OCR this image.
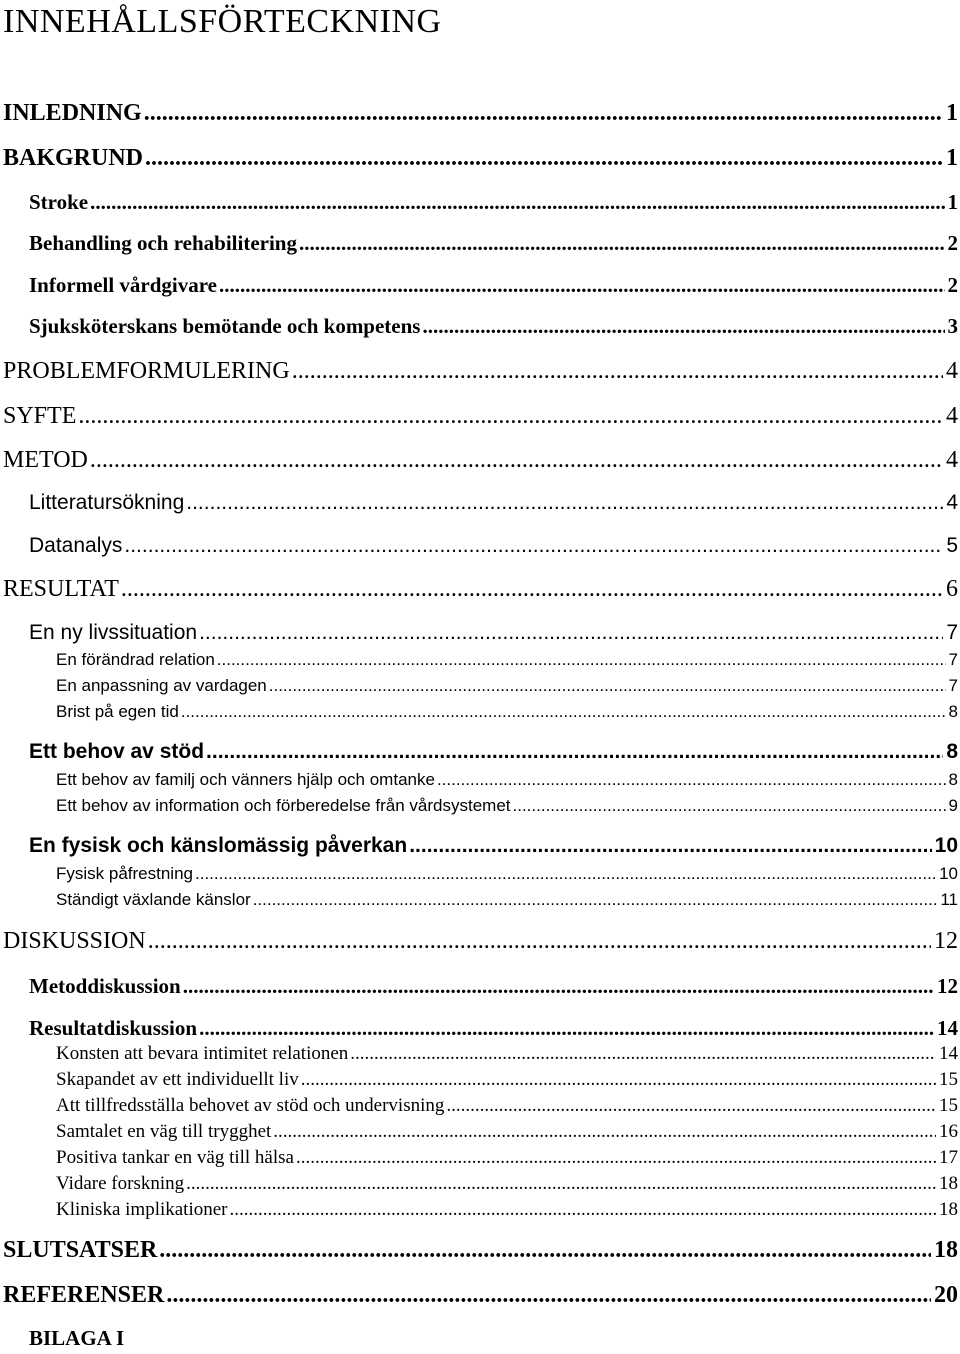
INNEHÅLLSFÖRTECKNING
INLEDNING .....	1
BAKGRUND .....	1
Stroke .....	1
Behandling och rehabilitering .....	2
Informell vårdgivare .....	2
Sjuksköterskans bemötande och kompetens .....	3
PROBLEMFORMULERING .....	4
SYFTE .....	4
METOD .....	4
Litteratursökning .....	4
Datanalys .....	5
RESULTAT .....	6
En ny livssituation .....	7
En förändrad relation .....	7
En anpassning av vardagen .....	7
Brist på egen tid .....	8
Ett behov av stöd .....	8
Ett behov av familj och vänners hjälp och omtanke .....	8
Ett behov av information och förberedelse från vårdsystemet .....	9
En fysisk och känslomässig påverkan .....	10
Fysisk påfrestning .....	10
Ständigt växlande känslor .....	11
DISKUSSION .....	12
Metoddiskussion .....	12
Resultatdiskussion .....	14
Konsten att bevara intimitet relationen .....	14
Skapandet av ett individuellt liv .....	15
Att tillfredsställa behovet av stöd och undervisning .....	15
Samtalet en väg till trygghet .....	16
Positiva tankar en väg till hälsa .....	17
Vidare forskning .....	18
Kliniska implikationer .....	18
SLUTSATSER .....	18
REFERENSER .....	20
BILAGA I
